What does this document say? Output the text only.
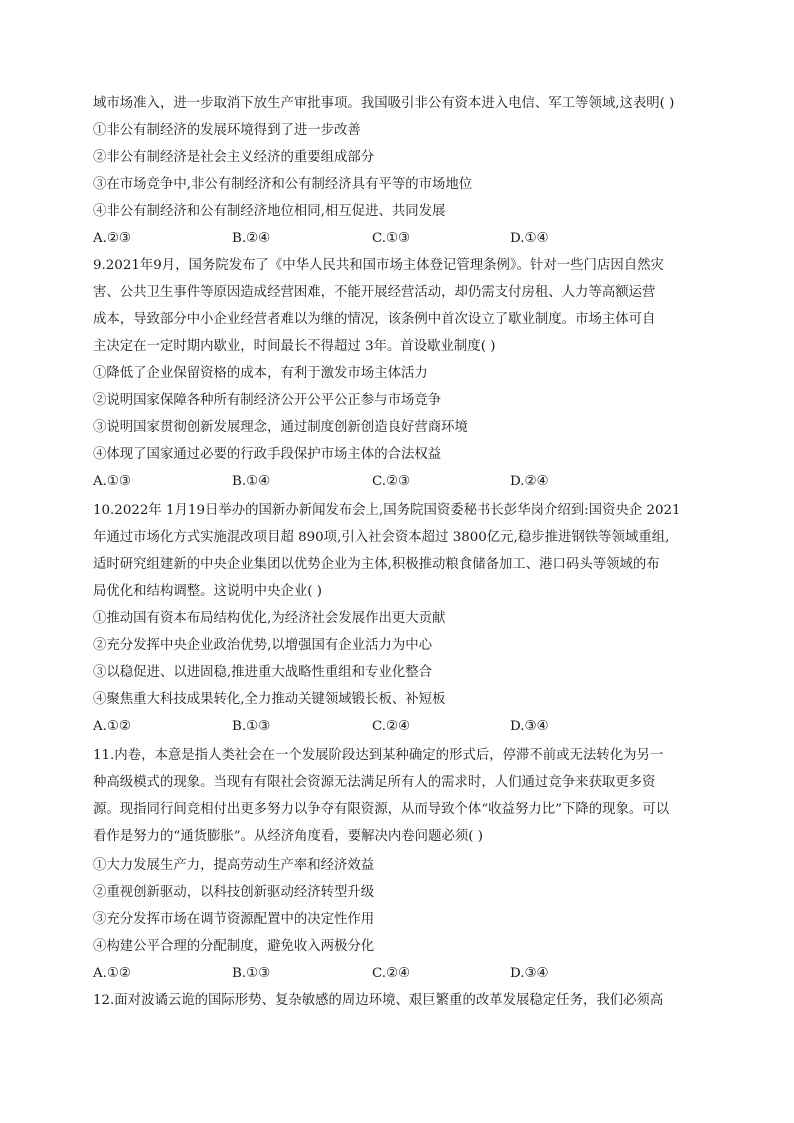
域市场准入，进一步取消下放生产审批事项。我国吸引非公有资本进入电信、军工等领域,这表明( )
①非公有制经济的发展环境得到了进一步改善
②非公有制经济是社会主义经济的重要组成部分
③在市场竞争中,非公有制经济和公有制经济具有平等的市场地位
④非公有制经济和公有制经济地位相同,相互促进、共同发展
A.②③	B.②④	C.①③	D.①④
9.2021年9月，国务院发布了《中华人民共和国市场主体登记管理条例》。针对一些门店因自然灾
害、公共卫生事件等原因造成经营困难，不能开展经营活动，却仍需支付房租、人力等高额运营
成本，导致部分中小企业经营者难以为继的情况，该条例中首次设立了歇业制度。市场主体可自
主决定在一定时期内歇业，时间最长不得超过 3年。首设歇业制度( )
①降低了企业保留资格的成本，有利于激发市场主体活力
②说明国家保障各种所有制经济公开公平公正参与市场竞争
③说明国家贯彻创新发展理念，通过制度创新创造良好营商环境
④体现了国家通过必要的行政手段保护市场主体的合法权益
A.①③	B.①④	C.②③	D.②④
10.2022年 1月19日举办的国新办新闻发布会上,国务院国资委秘书长彭华岗介绍到:国资央企 2021
年通过市场化方式实施混改项目超 890项,引入社会资本超过 3800亿元,稳步推进钢铁等领域重组,
适时研究组建新的中央企业集团以优势企业为主体,积极推动粮食储备加工、港口码头等领域的布
局优化和结构调整。这说明中央企业( )
①推动国有资本布局结构优化,为经济社会发展作出更大贡献
②充分发挥中央企业政治优势,以增强国有企业活力为中心
③以稳促进、以进固稳,推进重大战略性重组和专业化整合
④聚焦重大科技成果转化,全力推动关键领域锻长板、补短板
A.①②	B.①③	C.②④	D.③④
11.内卷，本意是指人类社会在一个发展阶段达到某种确定的形式后，停滞不前或无法转化为另一
种高级模式的现象。当现有有限社会资源无法满足所有人的需求时，人们通过竞争来获取更多资
源。现指同行间竞相付出更多努力以争夺有限资源，从而导致个体“收益努力比”下降的现象。可以
看作是努力的“通货膨胀”。从经济角度看，要解决内卷问题必须( )
①大力发展生产力，提高劳动生产率和经济效益
②重视创新驱动，以科技创新驱动经济转型升级
③充分发挥市场在调节资源配置中的决定性作用
④构建公平合理的分配制度，避免收入两极分化
A.①②	B.①③	C.②④	D.③④
12.面对波谲云诡的国际形势、复杂敏感的周边环境、艰巨繁重的改革发展稳定任务，我们必须高
